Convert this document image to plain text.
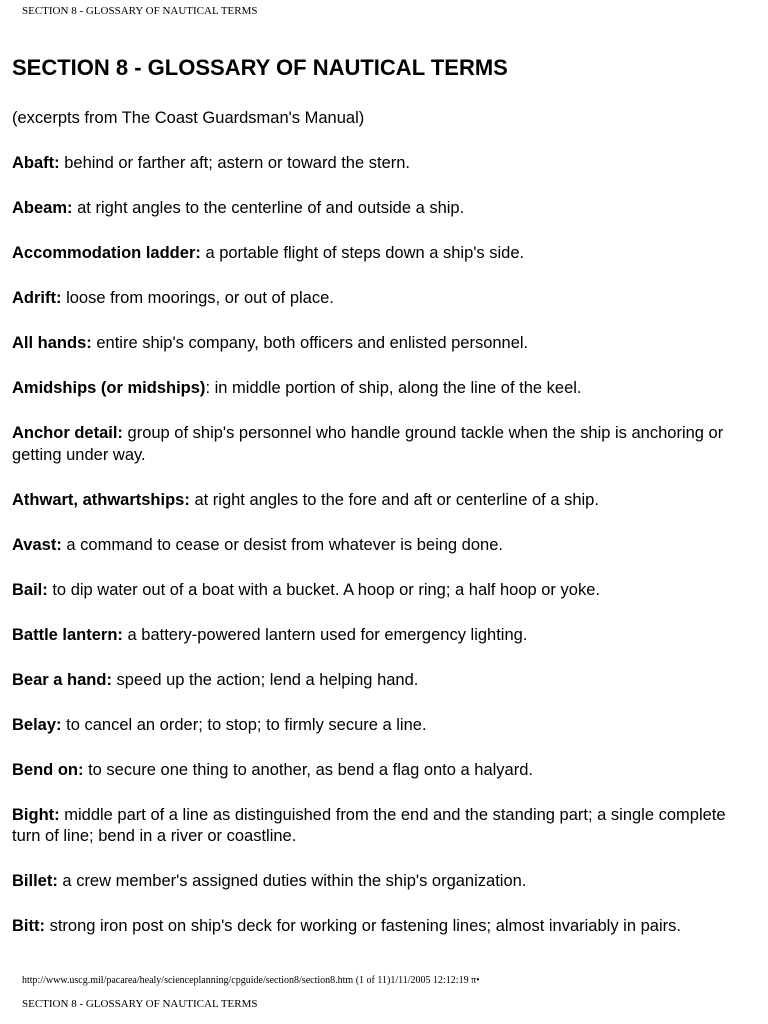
SECTION 8 - GLOSSARY OF NAUTICAL TERMS
SECTION 8 - GLOSSARY OF NAUTICAL TERMS

(excerpts from The Coast Guardsman's Manual)

Abaft: behind or farther aft; astern or toward the stern.

Abeam: at right angles to the centerline of and outside a ship.

Accommodation ladder: a portable flight of steps down a ship's side.

Adrift: loose from moorings, or out of place.

All hands: entire ship's company, both officers and enlisted personnel.

Amidships (or midships): in middle portion of ship, along the line of the keel.

Anchor detail: group of ship's personnel who handle ground tackle when the ship is anchoring or getting under way.

Athwart, athwartships: at right angles to the fore and aft or centerline of a ship.

Avast: a command to cease or desist from whatever is being done.

Bail: to dip water out of a boat with a bucket. A hoop or ring; a half hoop or yoke.

Battle lantern: a battery-powered lantern used for emergency lighting.

Bear a hand: speed up the action; lend a helping hand.

Belay: to cancel an order; to stop; to firmly secure a line.

Bend on: to secure one thing to another, as bend a flag onto a halyard.

Bight: middle part of a line as distinguished from the end and the standing part; a single complete turn of line; bend in a river or coastline.

Billet: a crew member's assigned duties within the ship's organization.

Bitt: strong iron post on ship's deck for working or fastening lines; almost invariably in pairs.

http://www.uscg.mil/pacarea/healy/scienceplanning/cpguide/section8/section8.htm (1 of 11)1/11/2005 12:12:19 π•
SECTION 8 - GLOSSARY OF NAUTICAL TERMS
